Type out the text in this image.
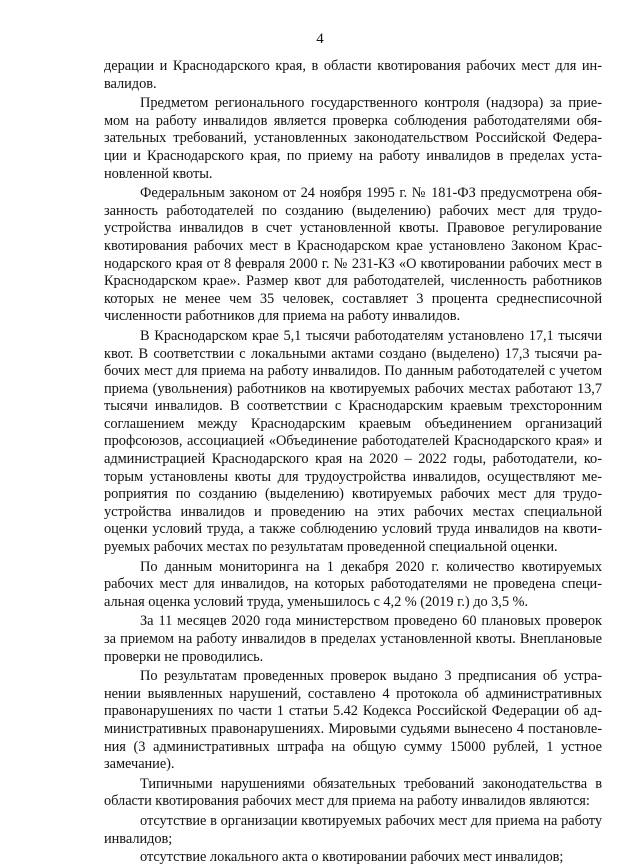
4

дерации и Краснодарского края, в области квотирования рабочих мест для инвалидов.

Предметом регионального государственного контроля (надзора) за приемом на работу инвалидов является проверка соблюдения работодателями обязательных требований, установленных законодательством Российской Федерации и Краснодарского края, по приему на работу инвалидов в пределах установленной квоты.

Федеральным законом от 24 ноября 1995 г. № 181-ФЗ предусмотрена обязанность работодателей по созданию (выделению) рабочих мест для трудоустройства инвалидов в счет установленной квоты. Правовое регулирование квотирования рабочих мест в Краснодарском крае установлено Законом Краснодарского края от 8 февраля 2000 г. № 231-КЗ «О квотировании рабочих мест в Краснодарском крае». Размер квот для работодателей, численность работников которых не менее чем 35 человек, составляет 3 процента среднесписочной численности работников для приема на работу инвалидов.

В Краснодарском крае 5,1 тысячи работодателям установлено 17,1 тысячи квот. В соответствии с локальными актами создано (выделено) 17,3 тысячи рабочих мест для приема на работу инвалидов. По данным работодателей с учетом приема (увольнения) работников на квотируемых рабочих местах работают 13,7 тысячи инвалидов. В соответствии с Краснодарским краевым трехсторонним соглашением между Краснодарским краевым объединением организаций профсоюзов, ассоциацией «Объединение работодателей Краснодарского края» и администрацией Краснодарского края на 2020 – 2022 годы, работодатели, которым установлены квоты для трудоустройства инвалидов, осуществляют мероприятия по созданию (выделению) квотируемых рабочих мест для трудоустройства инвалидов и проведению на этих рабочих местах специальной оценки условий труда, а также соблюдению условий труда инвалидов на квотируемых рабочих местах по результатам проведенной специальной оценки.

По данным мониторинга на 1 декабря 2020 г. количество квотируемых рабочих мест для инвалидов, на которых работодателями не проведена специальная оценка условий труда, уменьшилось с 4,2 % (2019 г.) до 3,5 %.

За 11 месяцев 2020 года министерством проведено 60 плановых проверок за приемом на работу инвалидов в пределах установленной квоты. Внеплановые проверки не проводились.

По результатам проведенных проверок выдано 3 предписания об устранении выявленных нарушений, составлено 4 протокола об административных правонарушениях по части 1 статьи 5.42 Кодекса Российской Федерации об административных правонарушениях. Мировыми судьями вынесено 4 постановления (3 административных штрафа на общую сумму 15000 рублей, 1 устное замечание).

Типичными нарушениями обязательных требований законодательства в области квотирования рабочих мест для приема на работу инвалидов являются:

отсутствие в организации квотируемых рабочих мест для приема на работу инвалидов;

отсутствие локального акта о квотировании рабочих мест инвалидов;
